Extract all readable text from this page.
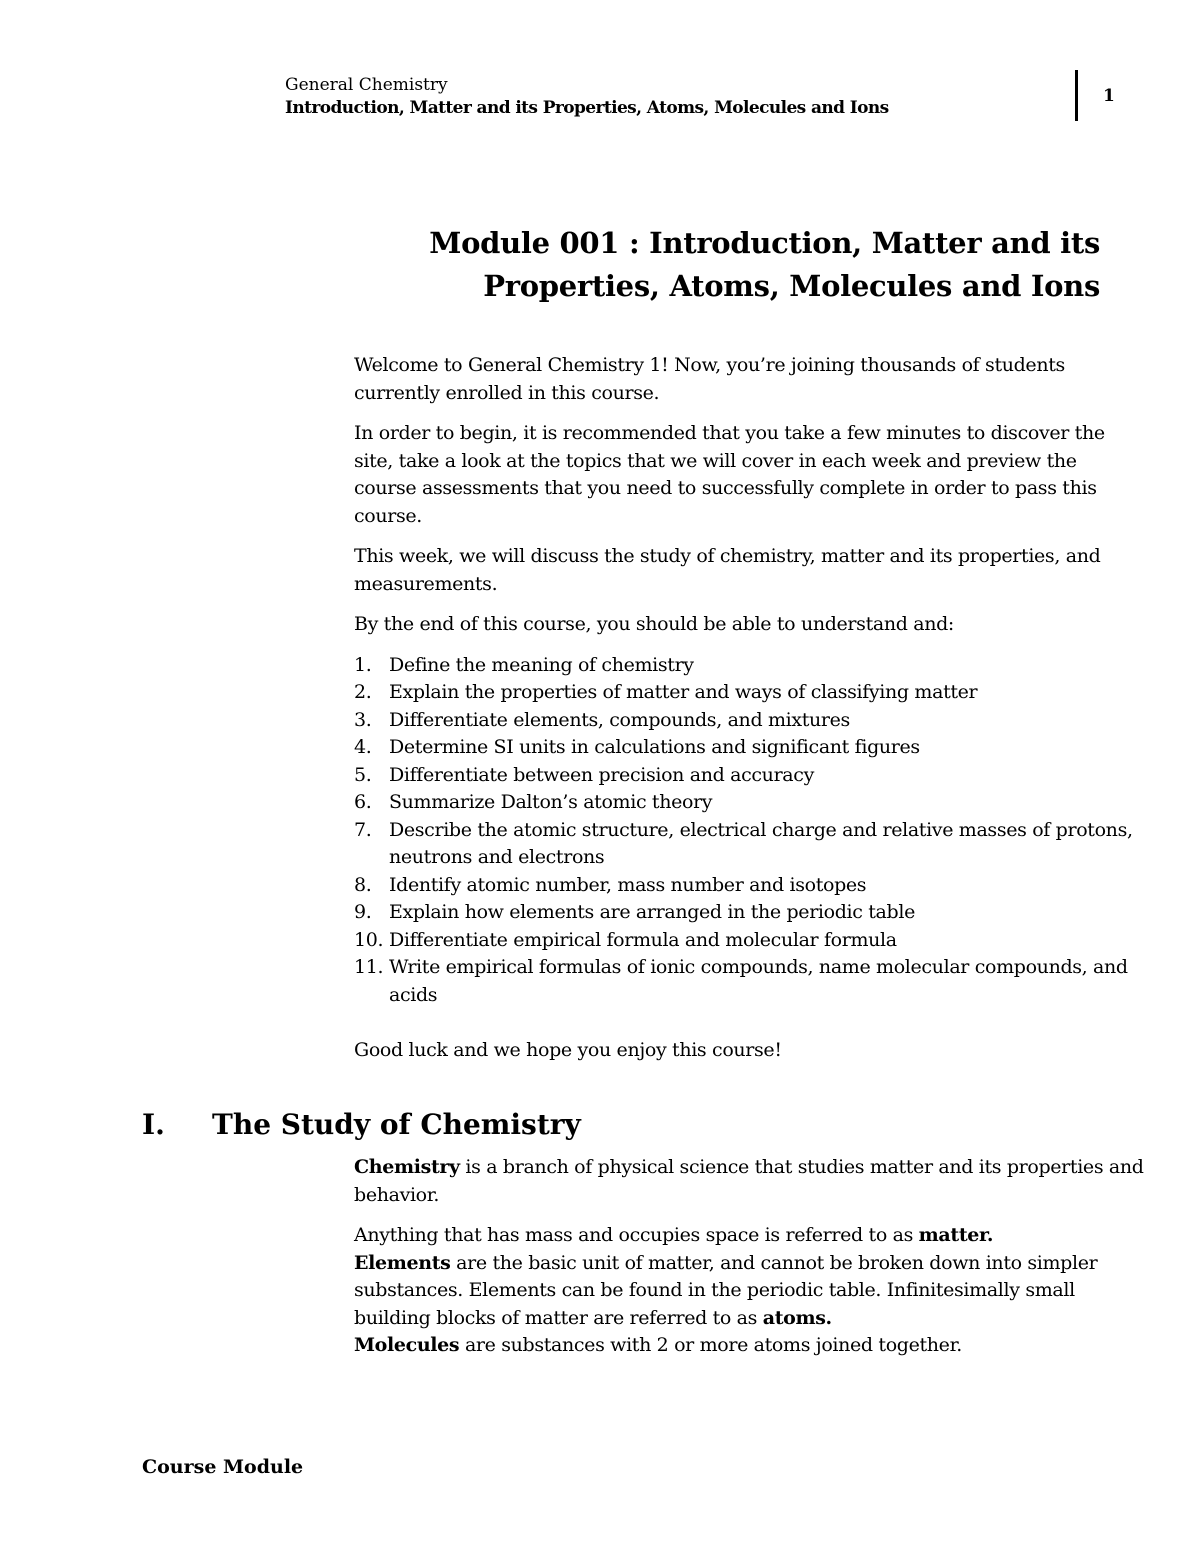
General Chemistry
Introduction, Matter and its Properties, Atoms, Molecules and Ions
1
Module 001 : Introduction, Matter and its
Properties, Atoms, Molecules and Ions

Welcome to General Chemistry 1! Now, you’re joining thousands of students currently enrolled in this course.

In order to begin, it is recommended that you take a few minutes to discover the site, take a look at the topics that we will cover in each week and preview the course assessments that you need to successfully complete in order to pass this course.

This week, we will discuss the study of chemistry, matter and its properties, and measurements.

By the end of this course, you should be able to understand and:

1. Define the meaning of chemistry
2. Explain the properties of matter and ways of classifying matter
3. Differentiate elements, compounds, and mixtures
4. Determine SI units in calculations and significant figures
5. Differentiate between precision and accuracy
6. Summarize Dalton’s atomic theory
7. Describe the atomic structure, electrical charge and relative masses of protons, neutrons and electrons
8. Identify atomic number, mass number and isotopes
9. Explain how elements are arranged in the periodic table
10. Differentiate empirical formula and molecular formula
11. Write empirical formulas of ionic compounds, name molecular compounds, and acids

Good luck and we hope you enjoy this course!

I. The Study of Chemistry

Chemistry is a branch of physical science that studies matter and its properties and behavior.

Anything that has mass and occupies space is referred to as matter.
Elements are the basic unit of matter, and cannot be broken down into simpler substances. Elements can be found in the periodic table. Infinitesimally small building blocks of matter are referred to as atoms.
Molecules are substances with 2 or more atoms joined together.

Course Module
